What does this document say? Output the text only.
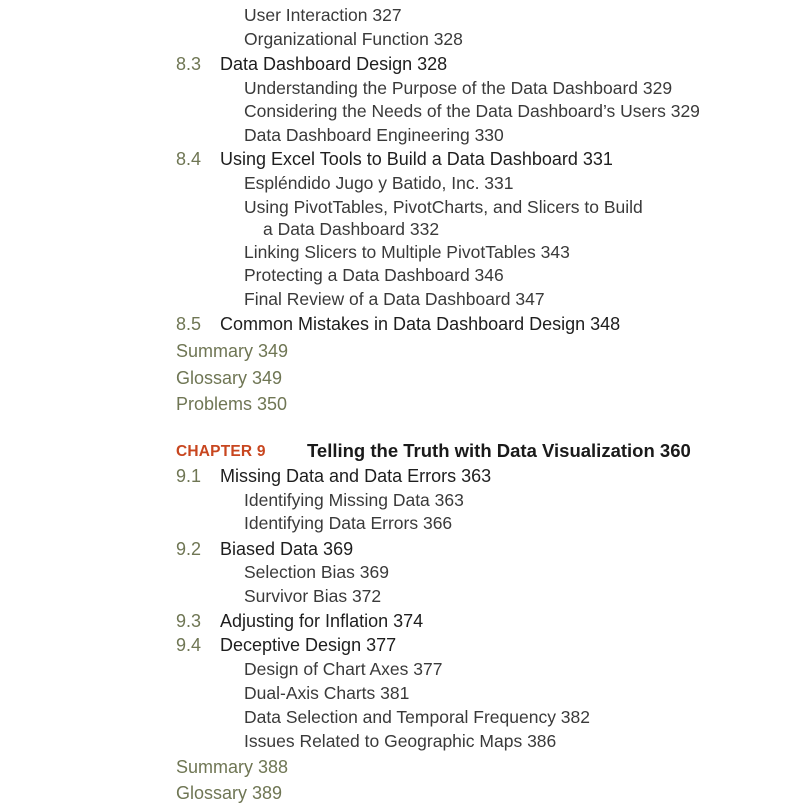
User Interaction 327
Organizational Function 328
8.3 Data Dashboard Design 328
Understanding the Purpose of the Data Dashboard 329
Considering the Needs of the Data Dashboard’s Users 329
Data Dashboard Engineering 330
8.4 Using Excel Tools to Build a Data Dashboard 331
Espléndido Jugo y Batido, Inc. 331
Using PivotTables, PivotCharts, and Slicers to Build
a Data Dashboard 332
Linking Slicers to Multiple PivotTables 343
Protecting a Data Dashboard 346
Final Review of a Data Dashboard 347
8.5 Common Mistakes in Data Dashboard Design 348
Summary 349
Glossary 349
Problems 350
CHAPTER 9 Telling the Truth with Data Visualization 360
9.1 Missing Data and Data Errors 363
Identifying Missing Data 363
Identifying Data Errors 366
9.2 Biased Data 369
Selection Bias 369
Survivor Bias 372
9.3 Adjusting for Inflation 374
9.4 Deceptive Design 377
Design of Chart Axes 377
Dual-Axis Charts 381
Data Selection and Temporal Frequency 382
Issues Related to Geographic Maps 386
Summary 388
Glossary 389
